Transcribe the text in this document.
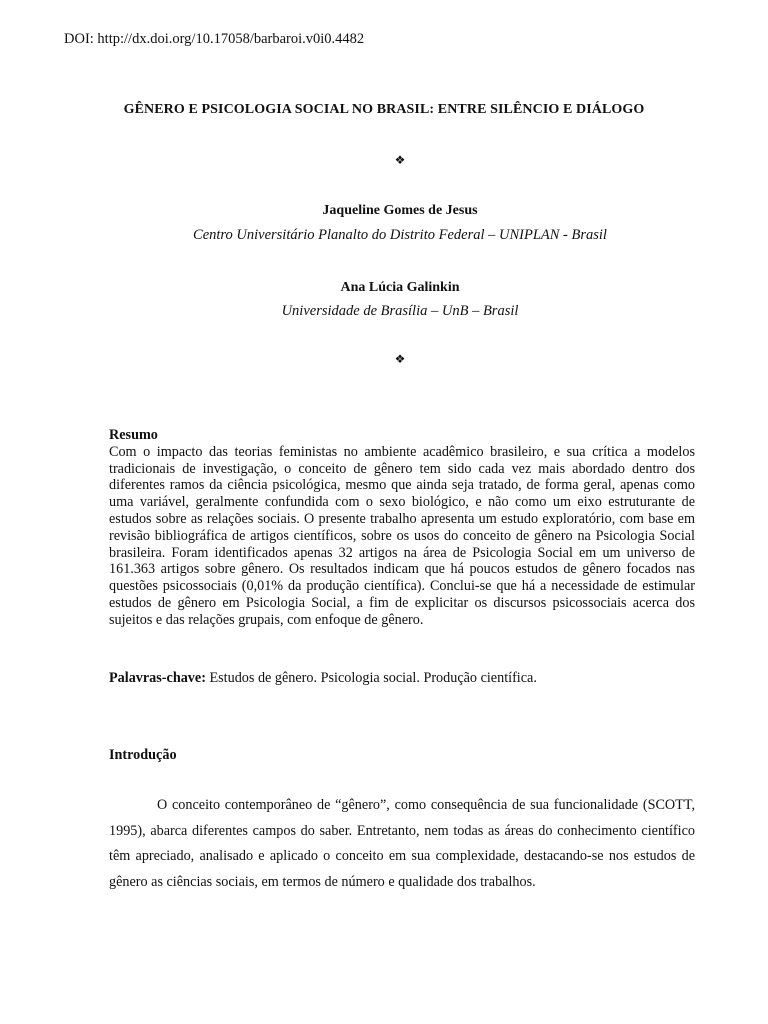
DOI: http://dx.doi.org/10.17058/barbaroi.v0i0.4482
GÊNERO E PSICOLOGIA SOCIAL NO BRASIL: ENTRE SILÊNCIO E DIÁLOGO
❖
Jaqueline Gomes de Jesus
Centro Universitário Planalto do Distrito Federal – UNIPLAN - Brasil
Ana Lúcia Galinkin
Universidade de Brasília – UnB – Brasil
❖

Resumo

Com o impacto das teorias feministas no ambiente acadêmico brasileiro, e sua crítica a modelos tradicionais de investigação, o conceito de gênero tem sido cada vez mais abordado dentro dos diferentes ramos da ciência psicológica, mesmo que ainda seja tratado, de forma geral, apenas como uma variável, geralmente confundida com o sexo biológico, e não como um eixo estruturante de estudos sobre as relações sociais. O presente trabalho apresenta um estudo exploratório, com base em revisão bibliográfica de artigos científicos, sobre os usos do conceito de gênero na Psicologia Social brasileira. Foram identificados apenas 32 artigos na área de Psicologia Social em um universo de 161.363 artigos sobre gênero. Os resultados indicam que há poucos estudos de gênero focados nas questões psicossociais (0,01% da produção científica). Conclui-se que há a necessidade de estimular estudos de gênero em Psicologia Social, a fim de explicitar os discursos psicossociais acerca dos sujeitos e das relações grupais, com enfoque de gênero.

Palavras-chave: Estudos de gênero. Psicologia social. Produção científica.
Introdução

O conceito contemporâneo de “gênero”, como consequência de sua funcionalidade (SCOTT, 1995), abarca diferentes campos do saber. Entretanto, nem todas as áreas do conhecimento científico têm apreciado, analisado e aplicado o conceito em sua complexidade, destacando-se nos estudos de gênero as ciências sociais, em termos de número e qualidade dos trabalhos.
